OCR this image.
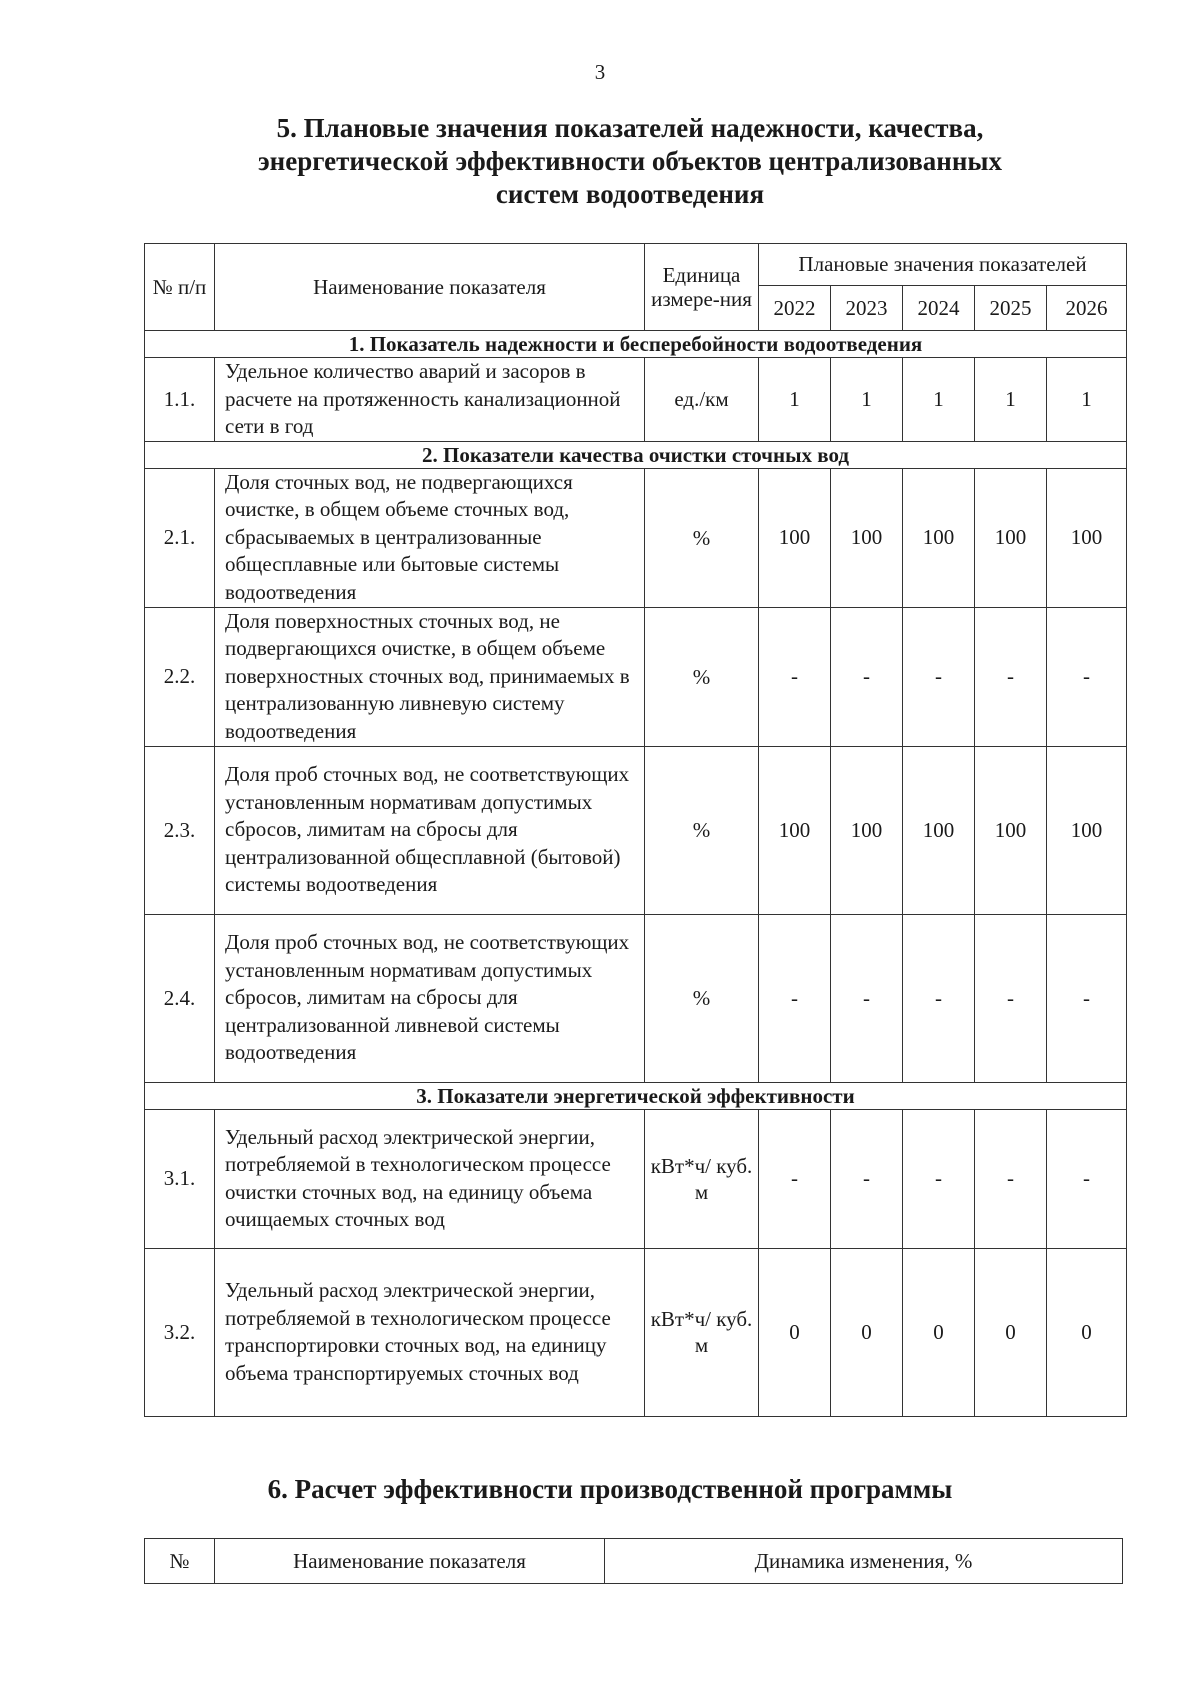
3
5. Плановые значения показателей надежности, качества,
энергетической эффективности объектов централизованных
систем водоотведения
№ п/п	Наименование показателя	Единица измере-ния	Плановые значения показателей				
			2022	2023	2024	2025	2026
1. Показатель надежности и бесперебойности водоотведения							
1.1.	Удельное количество аварий и засоров в расчете на протяженность канализационной сети в год	ед./км	1	1	1	1	1
2. Показатели качества очистки сточных вод							
2.1.	Доля сточных вод, не подвергающихся очистке, в общем объеме сточных вод, сбрасываемых в централизованные общесплавные или бытовые системы водоотведения	%	100	100	100	100	100
2.2.	Доля поверхностных сточных вод, не подвергающихся очистке, в общем объеме поверхностных сточных вод, принимаемых в централизованную ливневую систему водоотведения	%	-	-	-	-	-
2.3.	Доля проб сточных вод, не соответствующих установленным нормативам допустимых сбросов, лимитам на сбросы для централизованной общесплавной (бытовой) системы водоотведения	%	100	100	100	100	100
2.4.	Доля проб сточных вод, не соответствующих установленным нормативам допустимых сбросов, лимитам на сбросы для централизованной ливневой системы водоотведения	%	-	-	-	-	-
3. Показатели энергетической эффективности							
3.1.	Удельный расход электрической энергии, потребляемой в технологическом процессе очистки сточных вод, на единицу объема очищаемых сточных вод	кВт*ч/ куб. м	-	-	-	-	-
3.2.	Удельный расход электрической энергии, потребляемой в технологическом процессе транспортировки сточных вод, на единицу объема транспортируемых сточных вод	кВт*ч/ куб. м	0	0	0	0	0
6. Расчет эффективности производственной программы
№	Наименование показателя	Динамика изменения, %
